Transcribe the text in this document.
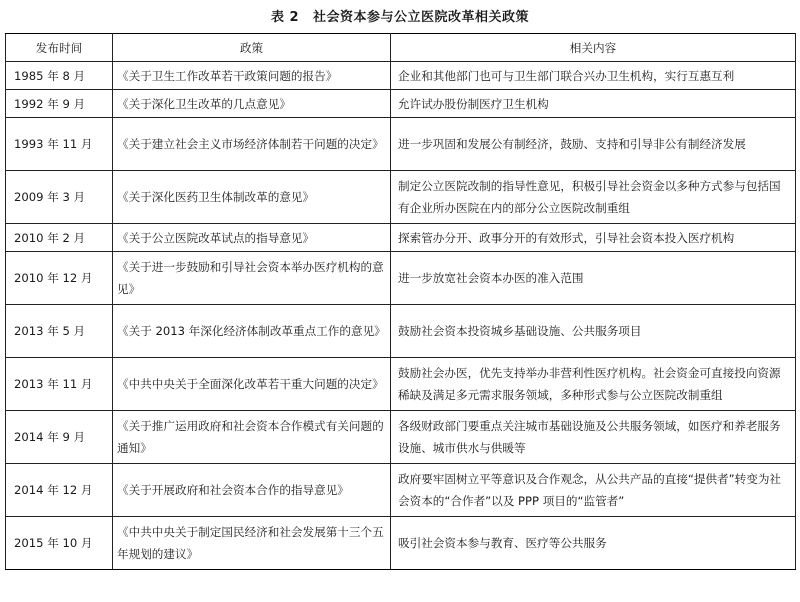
表 2 社会资本参与公立医院改革相关政策
发布时间	政策	相关内容
1985 年 8 月	《关于卫生工作改革若干政策问题的报告》	企业和其他部门也可与卫生部门联合兴办卫生机构，实行互惠互利
1992 年 9 月	《关于深化卫生改革的几点意见》	允许试办股份制医疗卫生机构
1993 年 11 月	《关于建立社会主义市场经济体制若干问题的决定》	进一步巩固和发展公有制经济，鼓励、支持和引导非公有制经济发展
2009 年 3 月	《关于深化医药卫生体制改革的意见》	制定公立医院改制的指导性意见，积极引导社会资金以多种方式参与包括国有企业所办医院在内的部分公立医院改制重组
2010 年 2 月	《关于公立医院改革试点的指导意见》	探索管办分开、政事分开的有效形式，引导社会资本投入医疗机构
2010 年 12 月	《关于进一步鼓励和引导社会资本举办医疗机构的意见》	进一步放宽社会资本办医的准入范围
2013 年 5 月	《关于 2013 年深化经济体制改革重点工作的意见》	鼓励社会资本投资城乡基础设施、公共服务项目
2013 年 11 月	《中共中央关于全面深化改革若干重大问题的决定》	鼓励社会办医，优先支持举办非营利性医疗机构。社会资金可直接投向资源稀缺及满足多元需求服务领域，多种形式参与公立医院改制重组
2014 年 9 月	《关于推广运用政府和社会资本合作模式有关问题的通知》	各级财政部门要重点关注城市基础设施及公共服务领域，如医疗和养老服务设施、城市供水与供暖等
2014 年 12 月	《关于开展政府和社会资本合作的指导意见》	政府要牢固树立平等意识及合作观念，从公共产品的直接“提供者”转变为社会资本的“合作者”以及 PPP 项目的“监管者”
2015 年 10 月	《中共中央关于制定国民经济和社会发展第十三个五年规划的建议》	吸引社会资本参与教育、医疗等公共服务
